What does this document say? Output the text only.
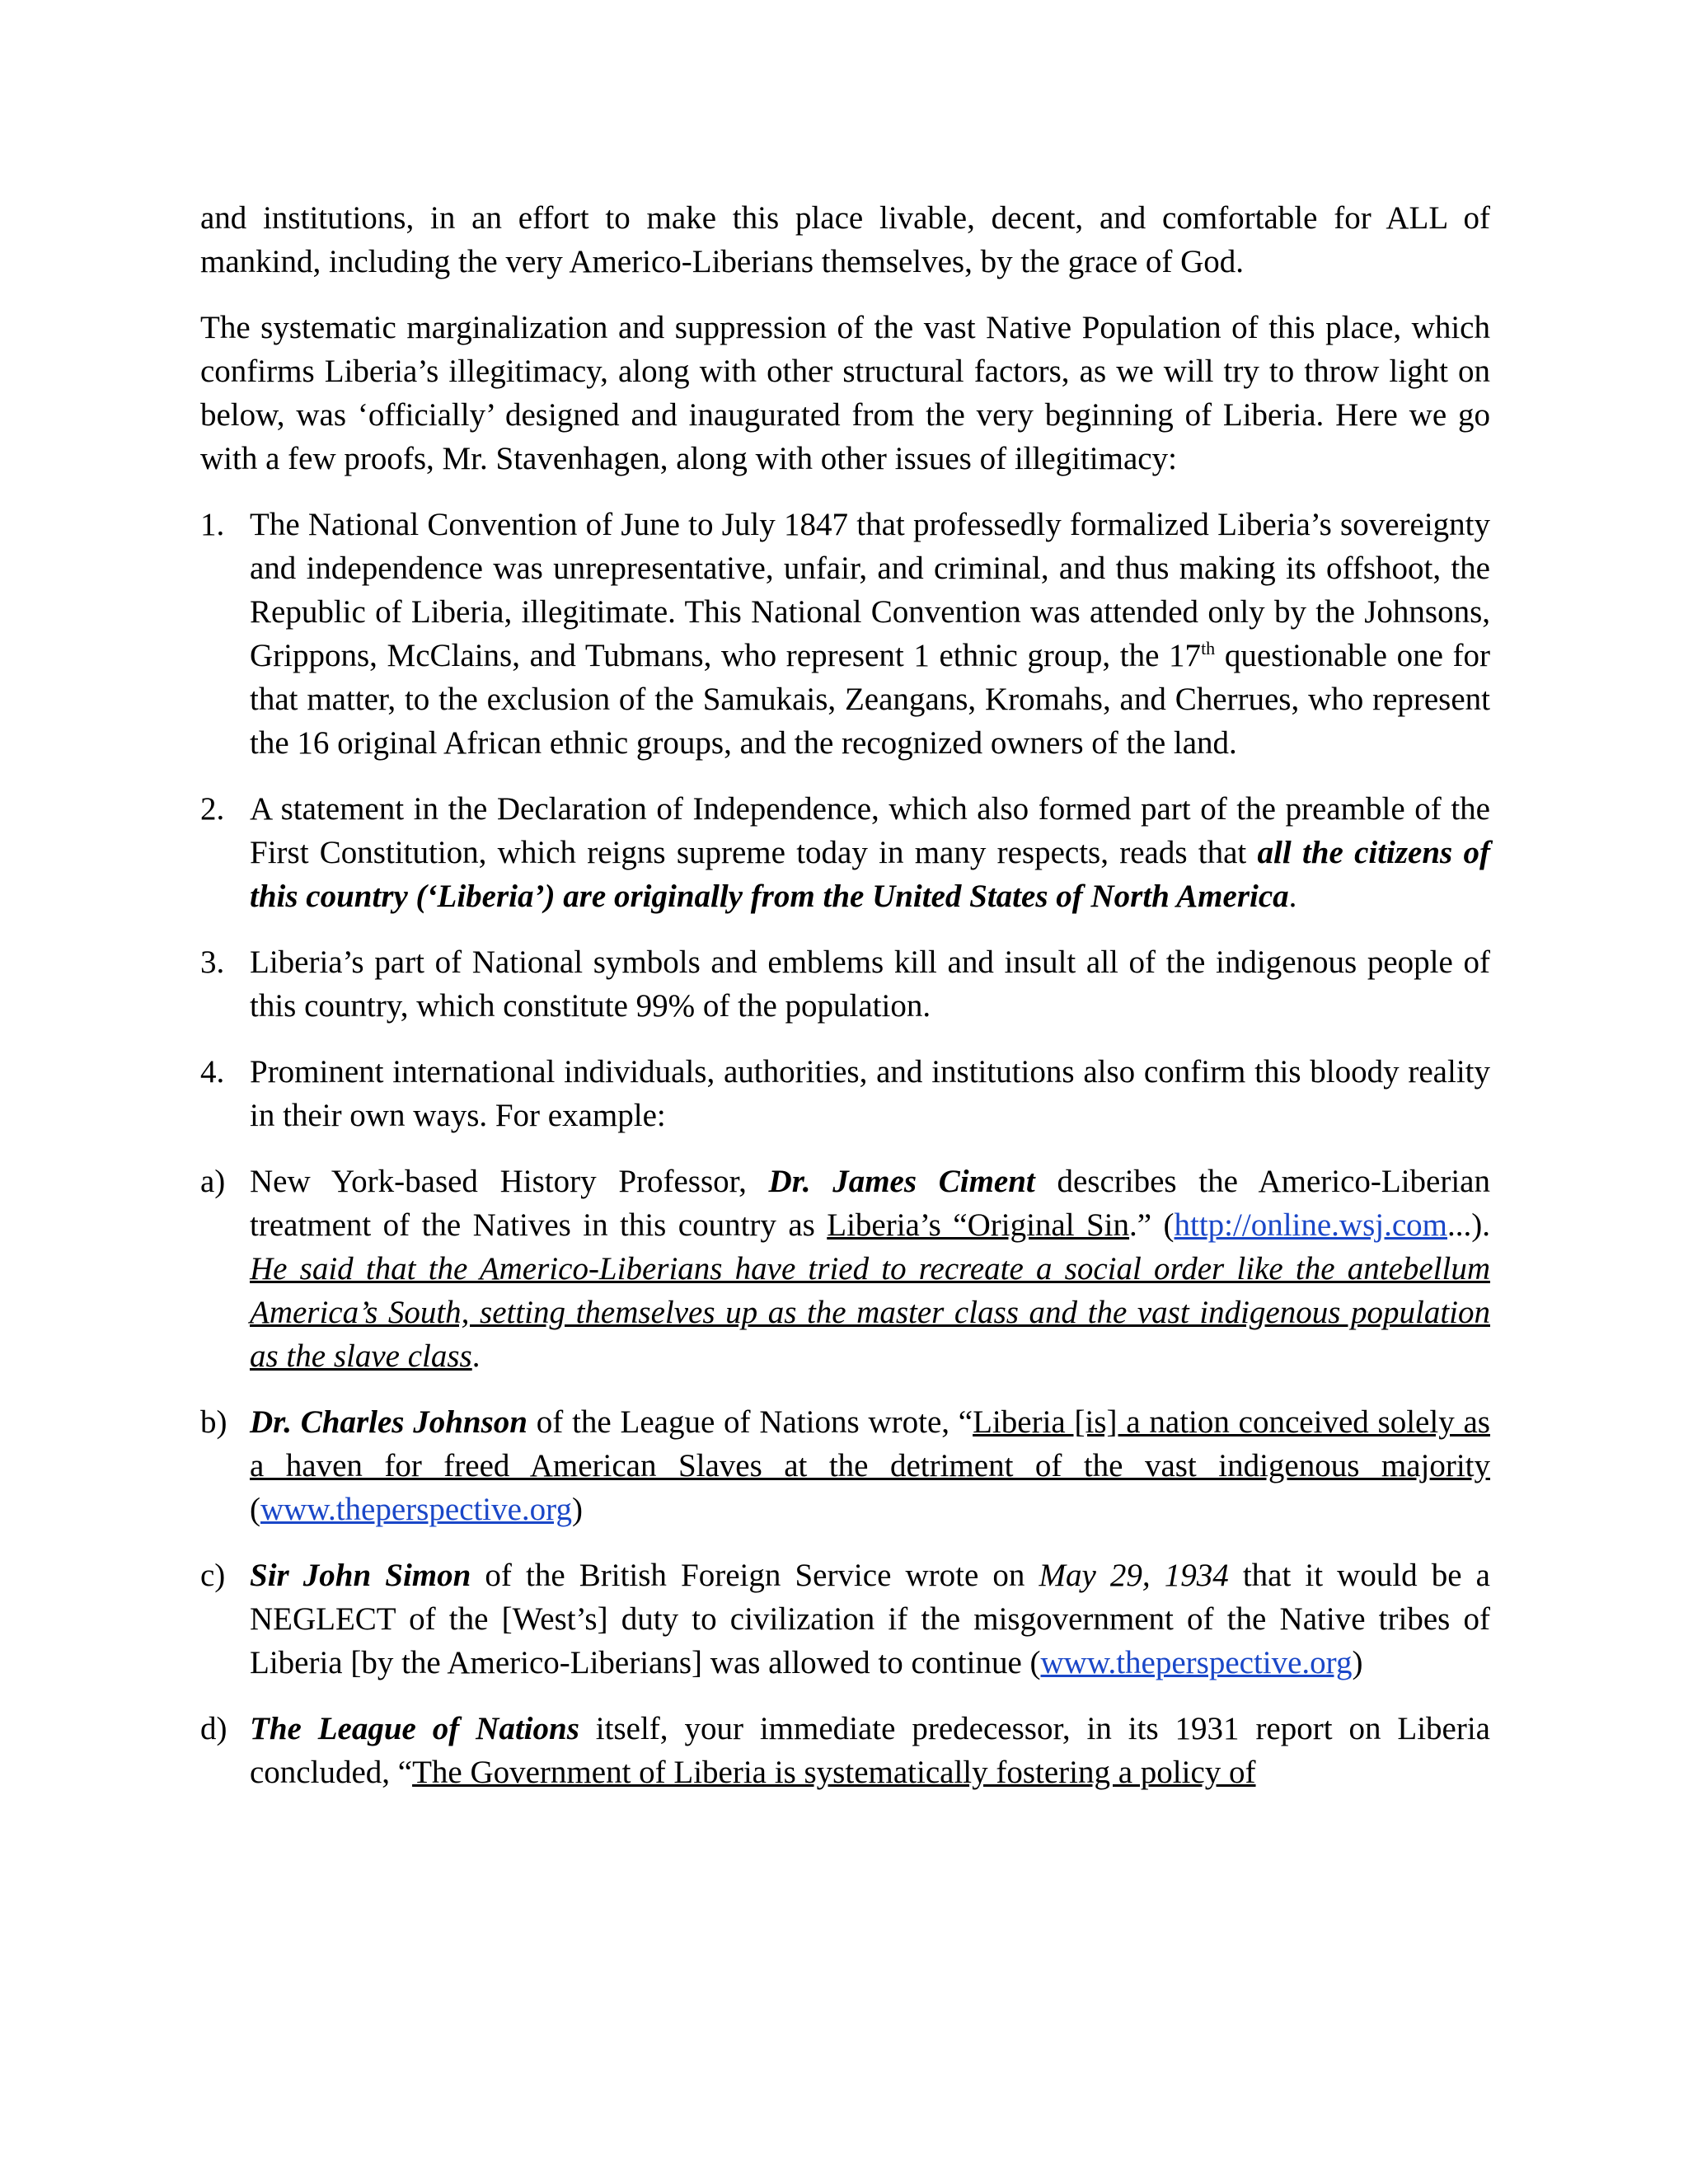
and institutions, in an effort to make this place livable, decent, and comfortable for ALL of mankind, including the very Americo-Liberians themselves, by the grace of God.

The systematic marginalization and suppression of the vast Native Population of this place, which confirms Liberia’s illegitimacy, along with other structural factors, as we will try to throw light on below, was ‘officially’ designed and inaugurated from the very beginning of Liberia. Here we go with a few proofs, Mr. Stavenhagen, along with other issues of illegitimacy:

1. The National Convention of June to July 1847 that professedly formalized Liberia’s sovereignty and independence was unrepresentative, unfair, and criminal, and thus making its offshoot, the Republic of Liberia, illegitimate. This National Convention was attended only by the Johnsons, Grippons, McClains, and Tubmans, who represent 1 ethnic group, the 17th questionable one for that matter, to the exclusion of the Samukais, Zeangans, Kromahs, and Cherrues, who represent the 16 original African ethnic groups, and the recognized owners of the land.
2. A statement in the Declaration of Independence, which also formed part of the preamble of the First Constitution, which reigns supreme today in many respects, reads that all the citizens of this country (‘Liberia’) are originally from the United States of North America.
3. Liberia’s part of National symbols and emblems kill and insult all of the indigenous people of this country, which constitute 99% of the population.
4. Prominent international individuals, authorities, and institutions also confirm this bloody reality in their own ways. For example:
a) New York-based History Professor, Dr. James Ciment describes the Americo-Liberian treatment of the Natives in this country as Liberia’s “Original Sin.” (http://online.wsj.com...). He said that the Americo-Liberians have tried to recreate a social order like the antebellum America’s South, setting themselves up as the master class and the vast indigenous population as the slave class.
b) Dr. Charles Johnson of the League of Nations wrote, “Liberia [is] a nation conceived solely as a haven for freed American Slaves at the detriment of the vast indigenous majority (www.theperspective.org)
c) Sir John Simon of the British Foreign Service wrote on May 29, 1934 that it would be a NEGLECT of the [West’s] duty to civilization if the misgovernment of the Native tribes of Liberia [by the Americo-Liberians] was allowed to continue (www.theperspective.org)
d) The League of Nations itself, your immediate predecessor, in its 1931 report on Liberia concluded, “The Government of Liberia is systematically fostering a policy of
